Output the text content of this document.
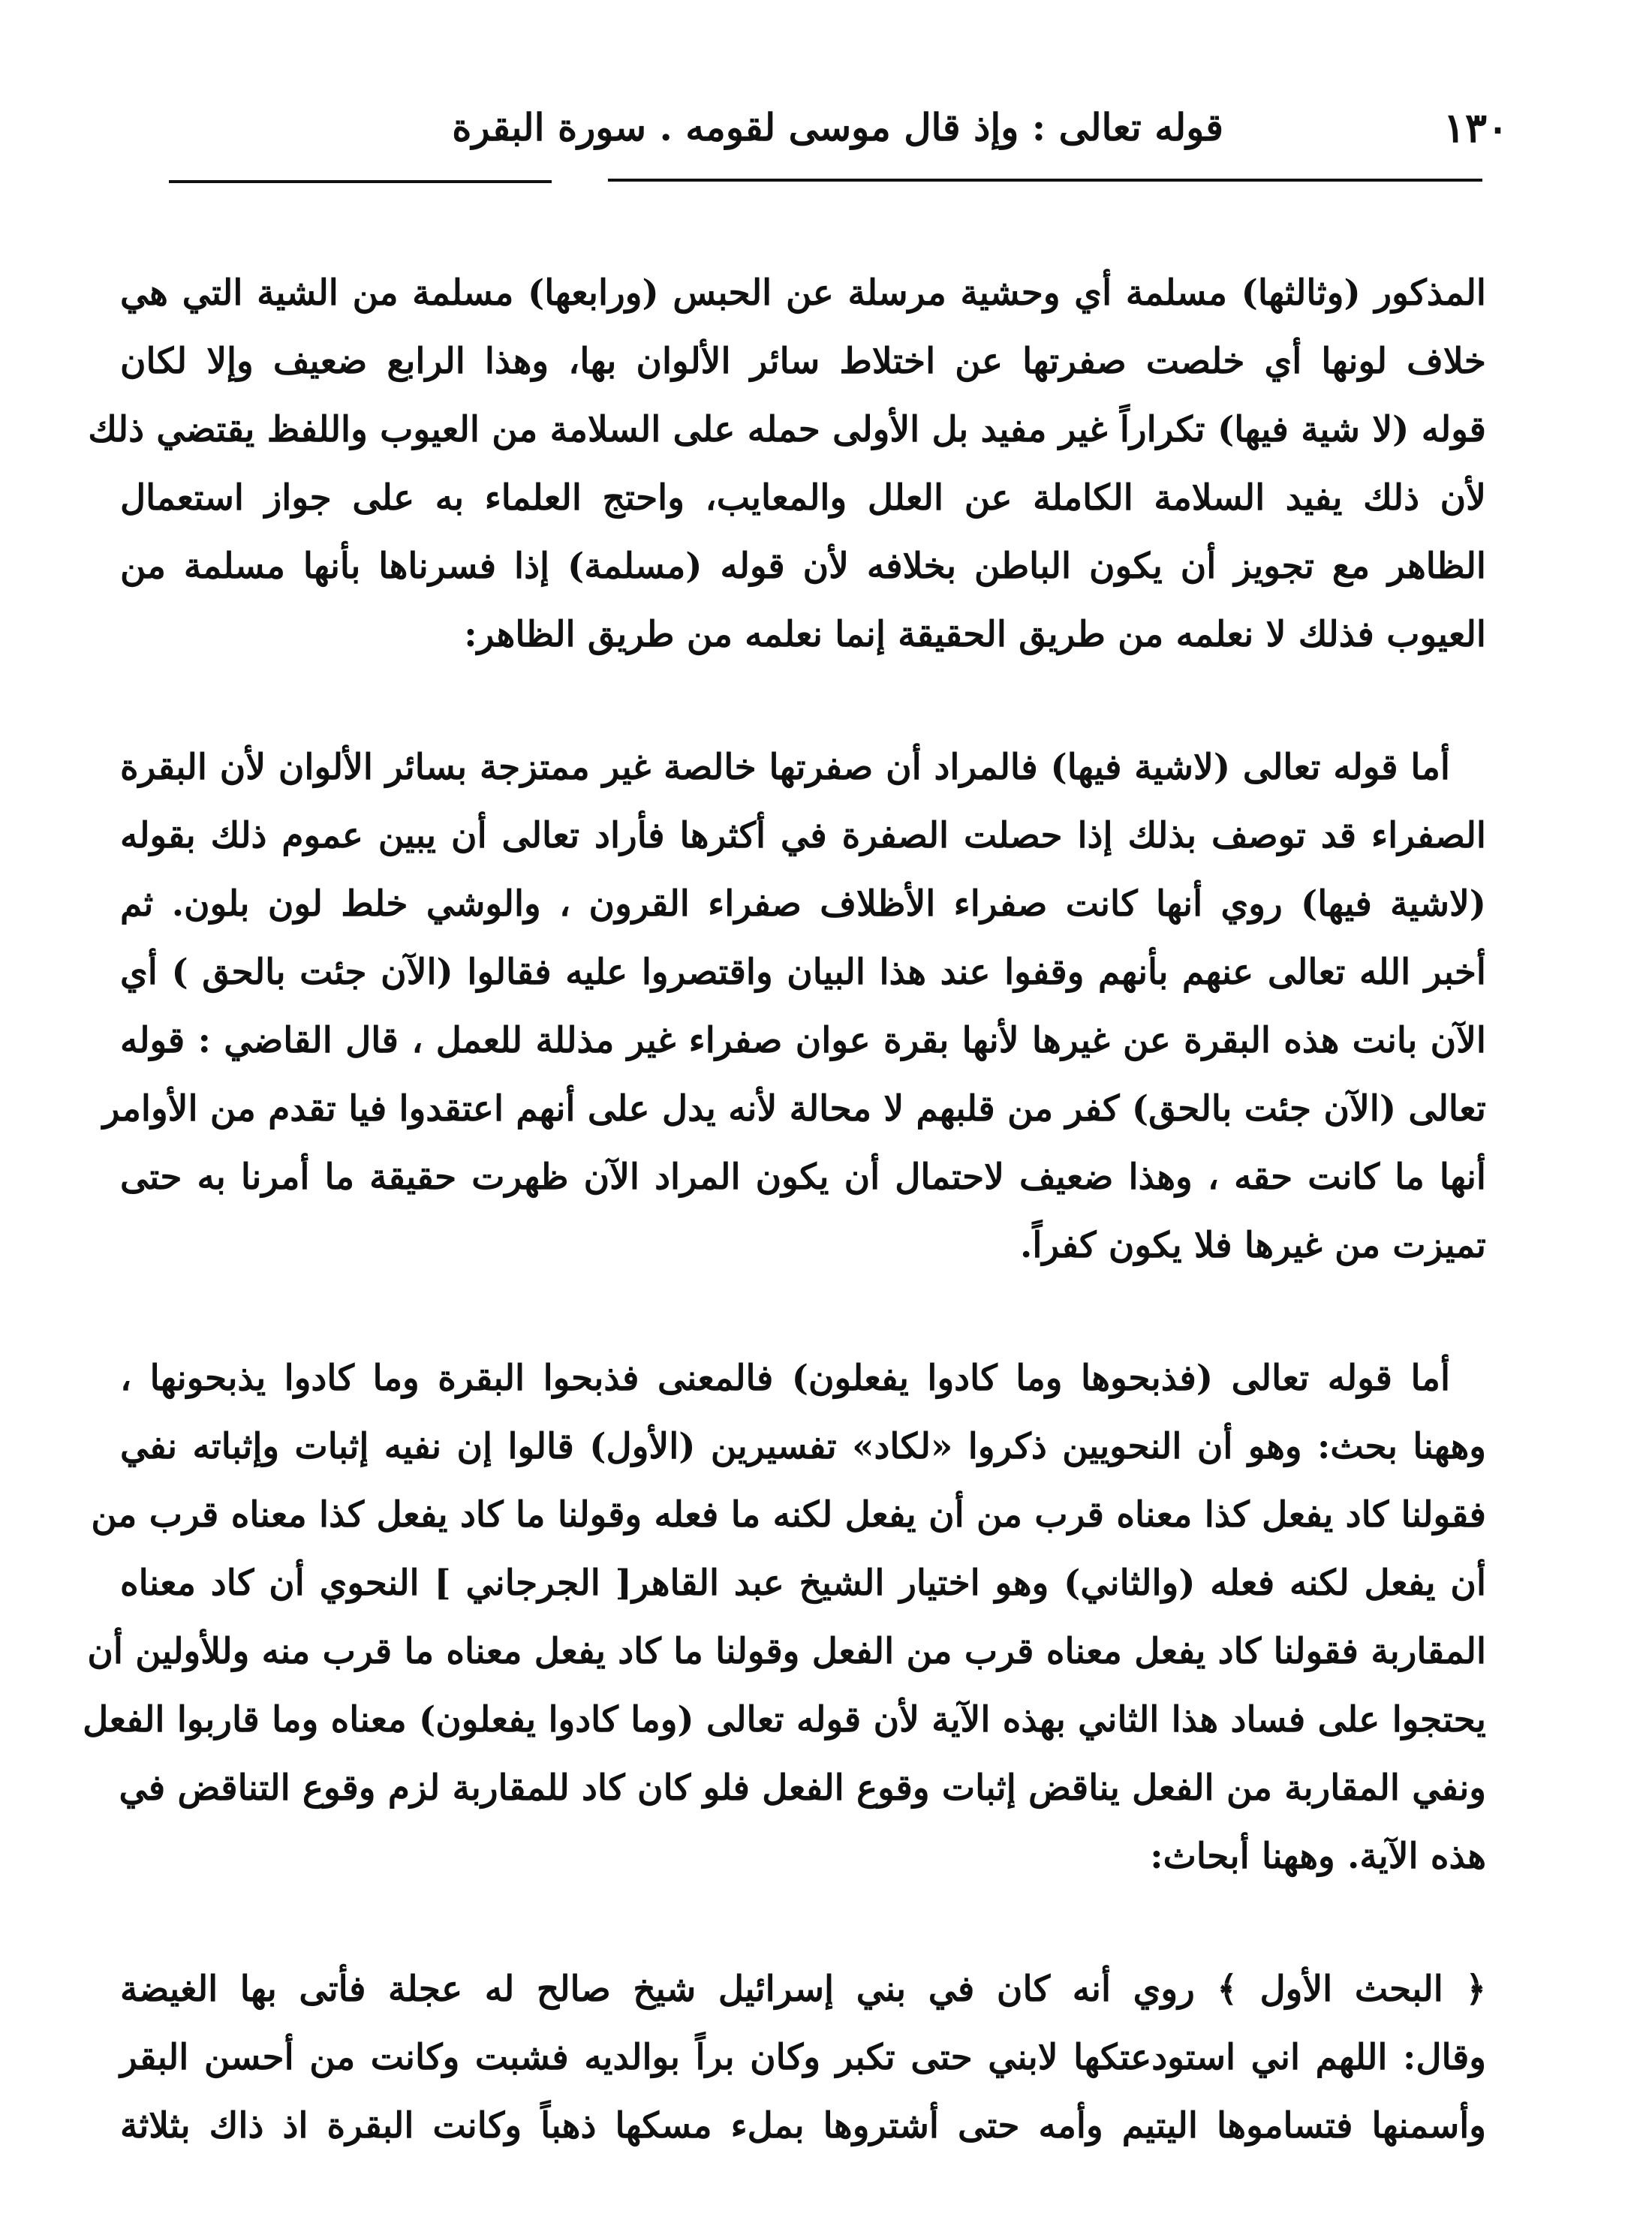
١٣٠
قوله تعالى : وإذ قال موسى لقومه . سورة البقرة

المذكور (وثالثها) مسلمة أي وحشية مرسلة عن الحبس (ورابعها) مسلمة من الشية التي هي
خلاف لونها أي خلصت صفرتها عن اختلاط سائر الألوان بها، وهذا الرابع ضعيف وإلا لكان
قوله (لا شية فيها) تكراراً غير مفيد بل الأولى حمله على السلامة من العيوب واللفظ يقتضي ذلك
لأن ذلك يفيد السلامة الكاملة عن العلل والمعايب، واحتج العلماء به على جواز استعمال
الظاهر مع تجويز أن يكون الباطن بخلافه لأن قوله (مسلمة) إذا فسرناها بأنها مسلمة من
العيوب فذلك لا نعلمه من طريق الحقيقة إنما نعلمه من طريق الظاهر:

أما قوله تعالى (لاشية فيها) فالمراد أن صفرتها خالصة غير ممتزجة بسائر الألوان لأن البقرة
الصفراء قد توصف بذلك إذا حصلت الصفرة في أكثرها فأراد تعالى أن يبين عموم ذلك بقوله
(لاشية فيها) روي أنها كانت صفراء الأظلاف صفراء القرون ، والوشي خلط لون بلون. ثم
أخبر الله تعالى عنهم بأنهم وقفوا عند هذا البيان واقتصروا عليه فقالوا (الآن جئت بالحق ) أي
الآن بانت هذه البقرة عن غيرها لأنها بقرة عوان صفراء غير مذللة للعمل ، قال القاضي : قوله
تعالى (الآن جئت بالحق) كفر من قلبهم لا محالة لأنه يدل على أنهم اعتقدوا فيا تقدم من الأوامر
أنها ما كانت حقه ، وهذا ضعيف لاحتمال أن يكون المراد الآن ظهرت حقيقة ما أمرنا به حتى
تميزت من غيرها فلا يكون كفراً.

أما قوله تعالى (فذبحوها وما كادوا يفعلون) فالمعنى فذبحوا البقرة وما كادوا يذبحونها ،
وههنا بحث: وهو أن النحويين ذكروا «لكاد» تفسيرين (الأول) قالوا إن نفيه إثبات وإثباته نفي
فقولنا كاد يفعل كذا معناه قرب من أن يفعل لكنه ما فعله وقولنا ما كاد يفعل كذا معناه قرب من
أن يفعل لكنه فعله (والثاني) وهو اختيار الشيخ عبد القاهر[ الجرجاني ] النحوي أن كاد معناه
المقاربة فقولنا كاد يفعل معناه قرب من الفعل وقولنا ما كاد يفعل معناه ما قرب منه وللأولين أن
يحتجوا على فساد هذا الثاني بهذه الآية لأن قوله تعالى (وما كادوا يفعلون) معناه وما قاربوا الفعل
ونفي المقاربة من الفعل يناقض إثبات وقوع الفعل فلو كان كاد للمقاربة لزم وقوع التناقض في
هذه الآية. وههنا أبحاث:

﴿ البحث الأول ﴾ روي أنه كان في بني إسرائيل شيخ صالح له عجلة فأتى بها الغيضة
وقال: اللهم اني استودعتكها لابني حتى تكبر وكان براً بوالديه فشبت وكانت من أحسن البقر
وأسمنها فتساموها اليتيم وأمه حتى أشتروها بملء مسكها ذهباً وكانت البقرة اذ ذاك بثلاثة
